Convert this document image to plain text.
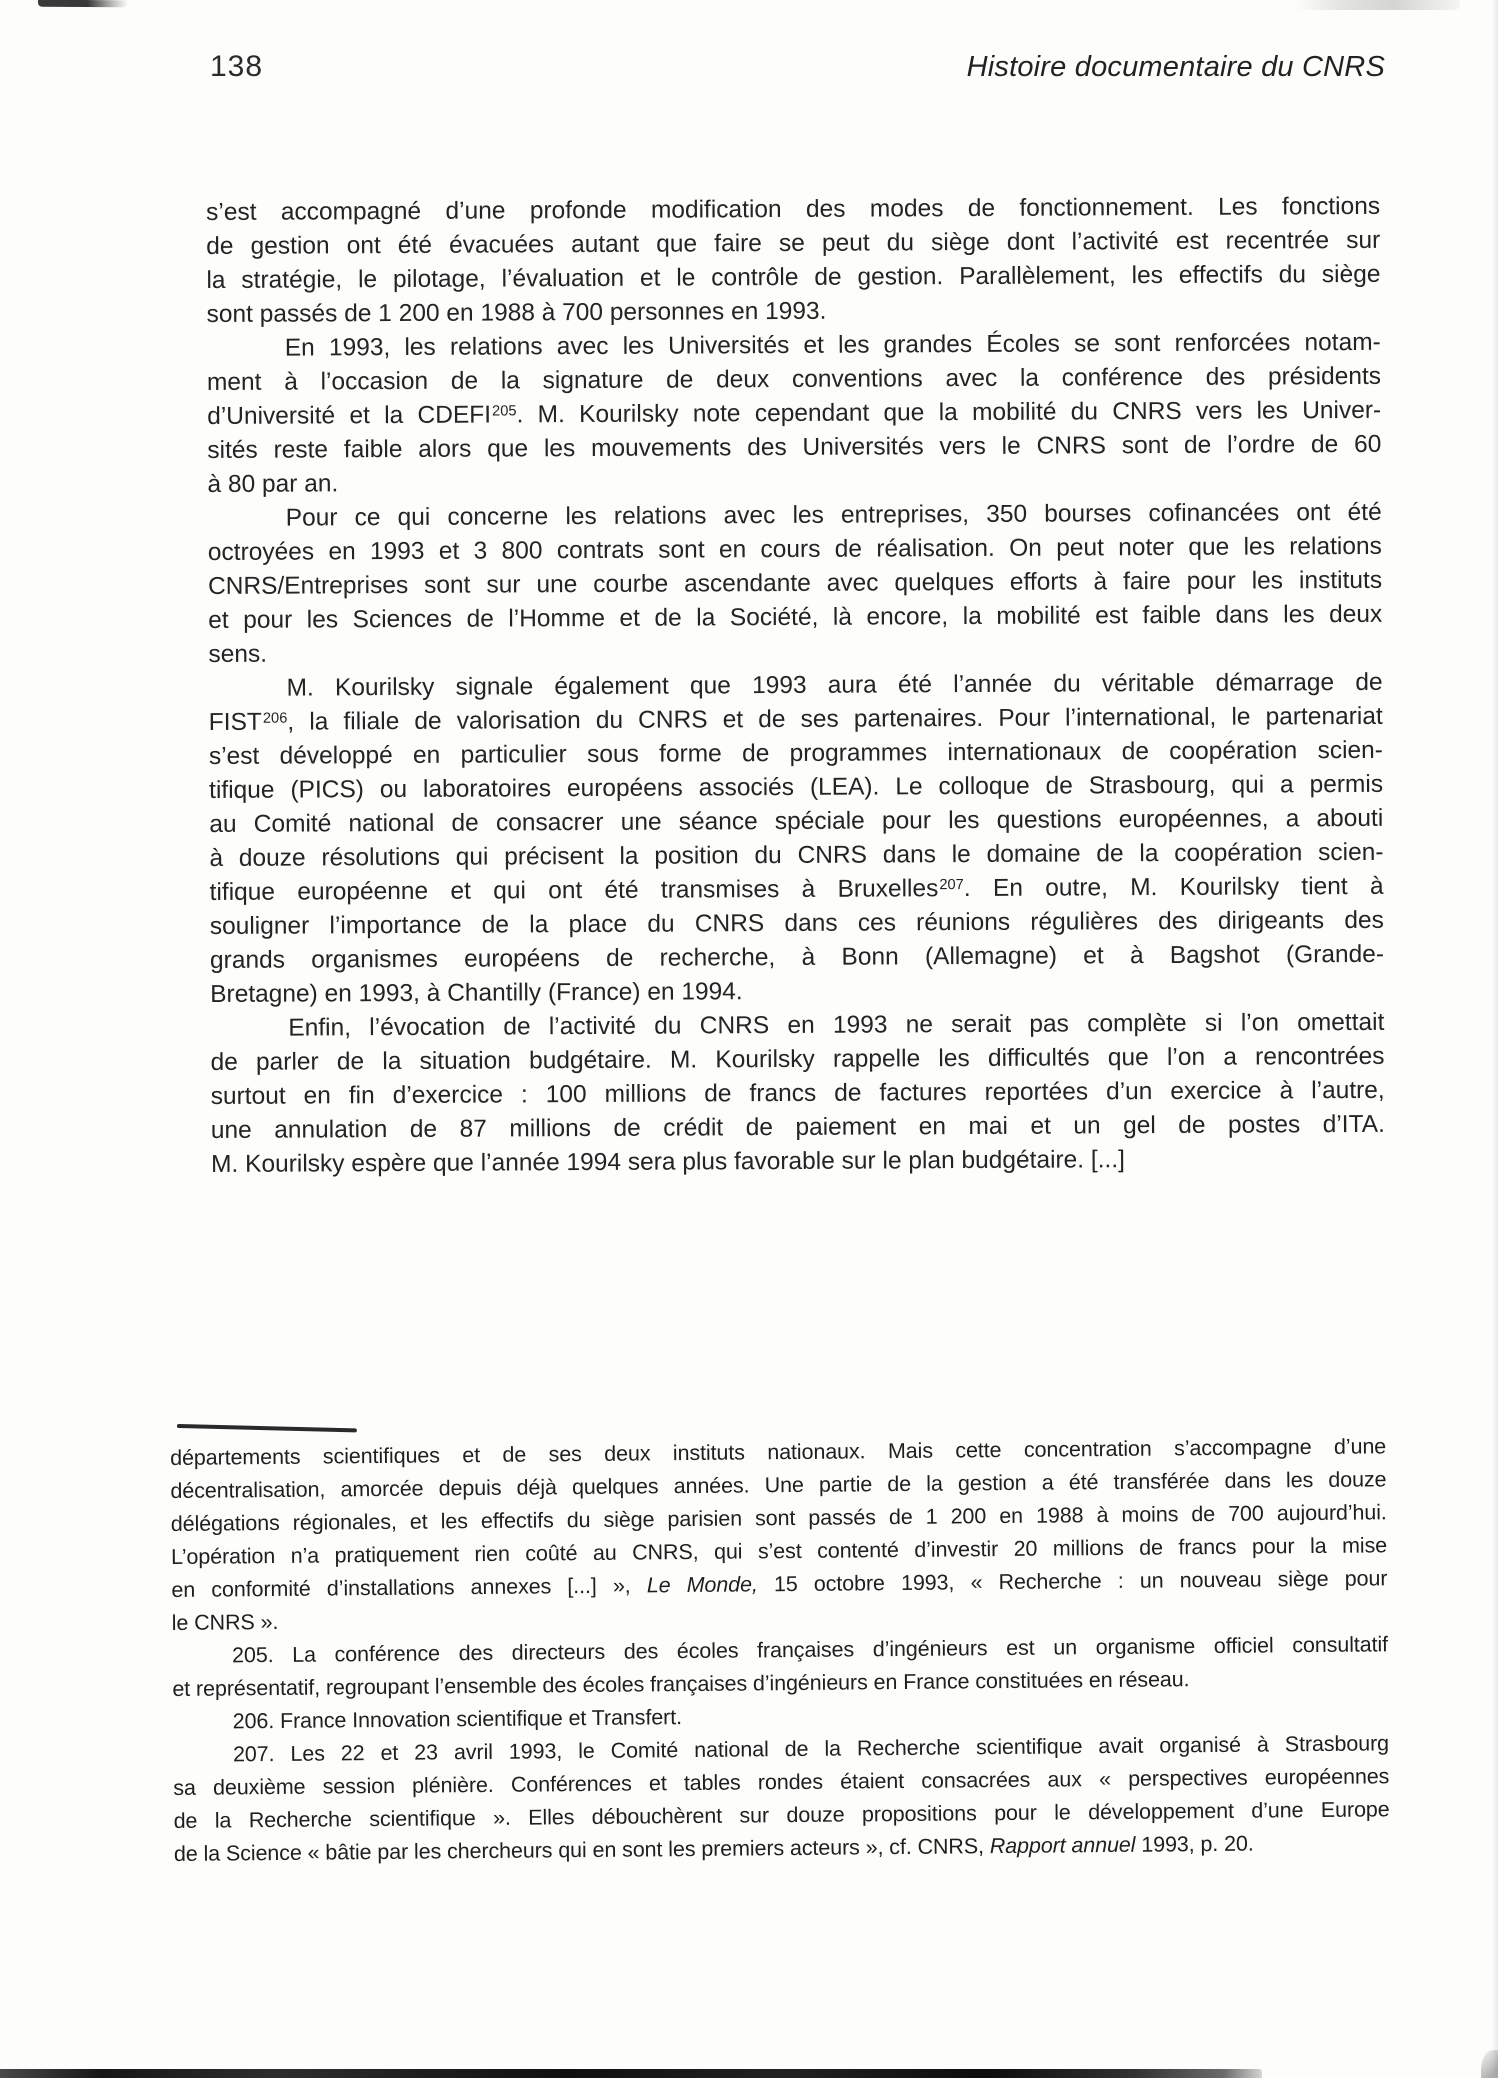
138	Histoire documentaire du CNRS
s’est accompagné d’une profonde modification des modes de fonctionnement. Les fonctions
de gestion ont été évacuées autant que faire se peut du siège dont l’activité est recentrée sur
la stratégie, le pilotage, l’évaluation et le contrôle de gestion. Parallèlement, les effectifs du siège
sont passés de 1 200 en 1988 à 700 personnes en 1993.
En 1993, les relations avec les Universités et les grandes Écoles se sont renforcées notam-
ment à l’occasion de la signature de deux conventions avec la conférence des présidents
d’Université et la CDEFI$^{205}$. M. Kourilsky note cependant que la mobilité du CNRS vers les Univer-
sités reste faible alors que les mouvements des Universités vers le CNRS sont de l’ordre de 60
à 80 par an.
Pour ce qui concerne les relations avec les entreprises, 350 bourses cofinancées ont été
octroyées en 1993 et 3 800 contrats sont en cours de réalisation. On peut noter que les relations
CNRS/Entreprises sont sur une courbe ascendante avec quelques efforts à faire pour les instituts
et pour les Sciences de l’Homme et de la Société, là encore, la mobilité est faible dans les deux
sens.
M. Kourilsky signale également que 1993 aura été l’année du véritable démarrage de
FIST$^{206}$, la filiale de valorisation du CNRS et de ses partenaires. Pour l’international, le partenariat
s’est développé en particulier sous forme de programmes internationaux de coopération scien-
tifique (PICS) ou laboratoires européens associés (LEA). Le colloque de Strasbourg, qui a permis
au Comité national de consacrer une séance spéciale pour les questions européennes, a abouti
à douze résolutions qui précisent la position du CNRS dans le domaine de la coopération scien-
tifique européenne et qui ont été transmises à Bruxelles$^{207}$. En outre, M. Kourilsky tient à
souligner l’importance de la place du CNRS dans ces réunions régulières des dirigeants des
grands organismes européens de recherche, à Bonn (Allemagne) et à Bagshot (Grande-
Bretagne) en 1993, à Chantilly (France) en 1994.
Enfin, l’évocation de l’activité du CNRS en 1993 ne serait pas complète si l’on omettait
de parler de la situation budgétaire. M. Kourilsky rappelle les difficultés que l’on a rencontrées
surtout en fin d’exercice : 100 millions de francs de factures reportées d’un exercice à l’autre,
une annulation de 87 millions de crédit de paiement en mai et un gel de postes d’ITA.
M. Kourilsky espère que l’année 1994 sera plus favorable sur le plan budgétaire. [...]
départements scientifiques et de ses deux instituts nationaux. Mais cette concentration s’accompagne d’une
décentralisation, amorcée depuis déjà quelques années. Une partie de la gestion a été transférée dans les douze
délégations régionales, et les effectifs du siège parisien sont passés de 1 200 en 1988 à moins de 700 aujourd’hui.
L’opération n’a pratiquement rien coûté au CNRS, qui s’est contenté d’investir 20 millions de francs pour la mise
en conformité d’installations annexes [...] », Le Monde, 15 octobre 1993, « Recherche : un nouveau siège pour
le CNRS ».
205. La conférence des directeurs des écoles françaises d’ingénieurs est un organisme officiel consultatif
et représentatif, regroupant l’ensemble des écoles françaises d’ingénieurs en France constituées en réseau.
206. France Innovation scientifique et Transfert.
207. Les 22 et 23 avril 1993, le Comité national de la Recherche scientifique avait organisé à Strasbourg
sa deuxième session plénière. Conférences et tables rondes étaient consacrées aux « perspectives européennes
de la Recherche scientifique ». Elles débouchèrent sur douze propositions pour le développement d’une Europe
de la Science « bâtie par les chercheurs qui en sont les premiers acteurs », cf. CNRS, Rapport annuel 1993, p. 20.
